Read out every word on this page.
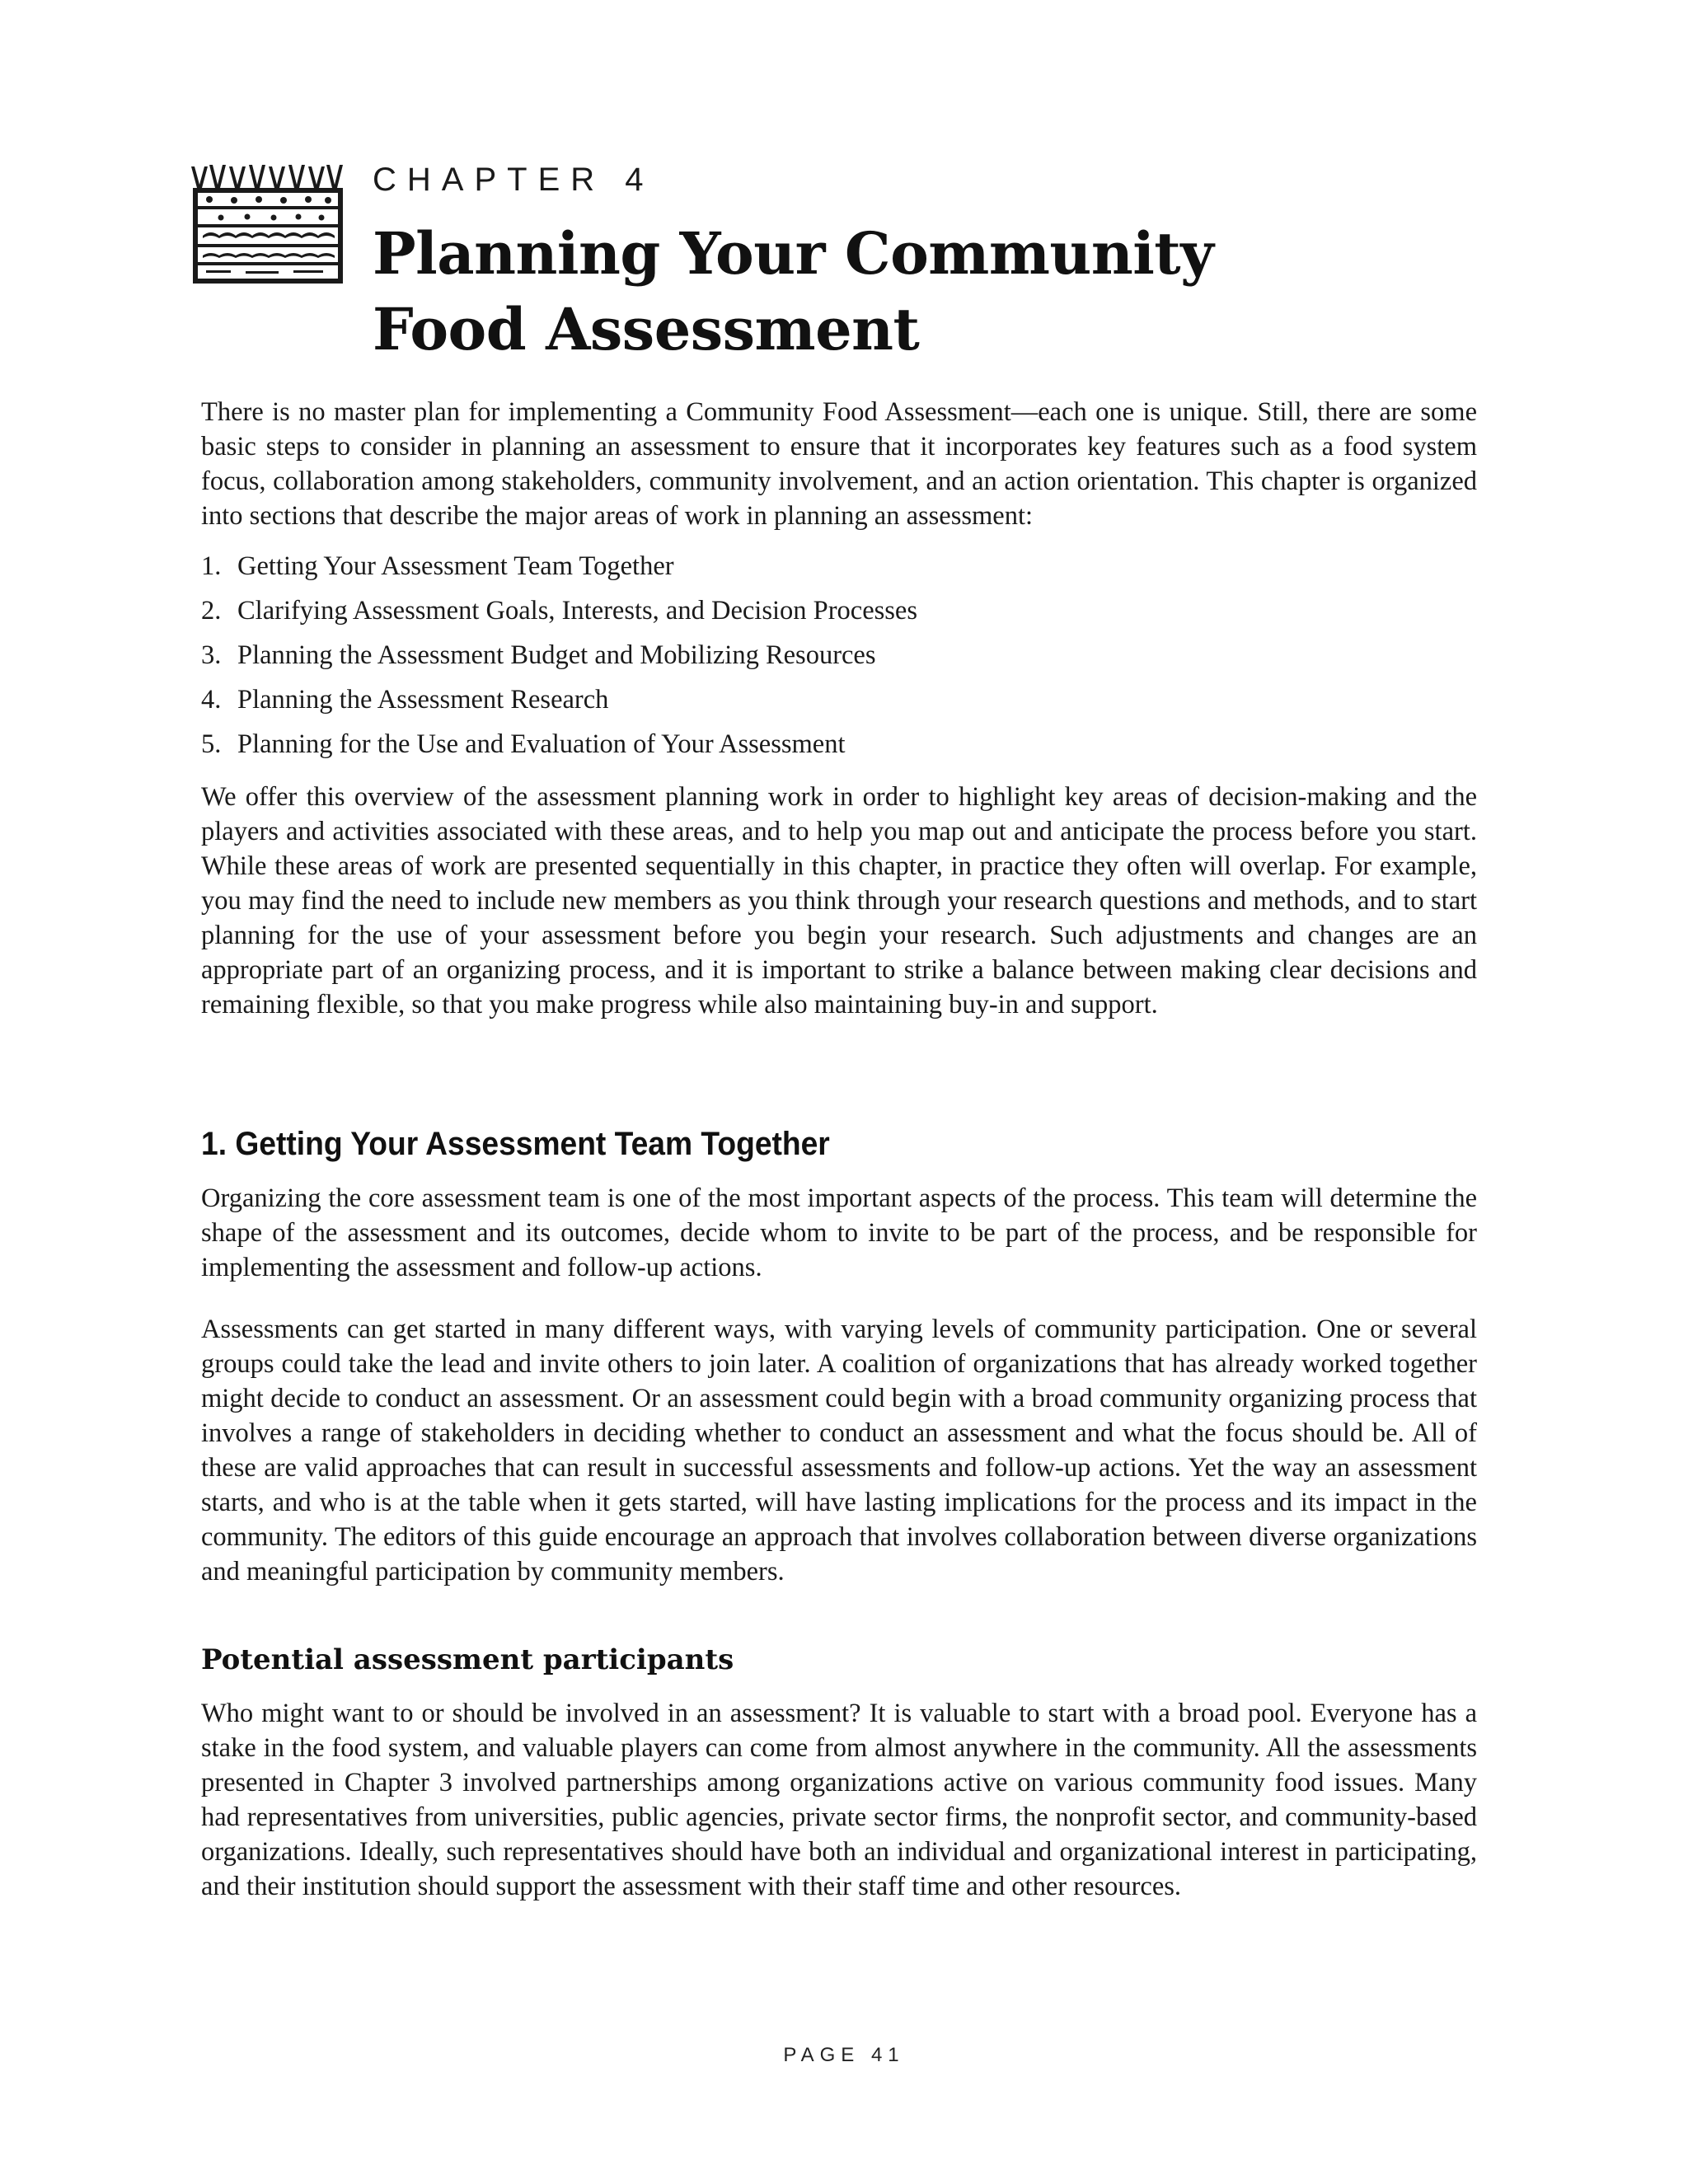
CHAPTER 4
Planning Your Community
Food Assessment

There is no master plan for implementing a Community Food Assessment—each one is unique. Still, there are some basic steps to consider in planning an assessment to ensure that it incorporates key features such as a food system focus, collaboration among stakeholders, community involvement, and an action orientation. This chapter is organized into sections that describe the major areas of work in planning an assessment:

1. Getting Your Assessment Team Together
2. Clarifying Assessment Goals, Interests, and Decision Processes
3. Planning the Assessment Budget and Mobilizing Resources
4. Planning the Assessment Research
5. Planning for the Use and Evaluation of Your Assessment

We offer this overview of the assessment planning work in order to highlight key areas of decision-making and the players and activities associated with these areas, and to help you map out and anticipate the process before you start. While these areas of work are presented sequentially in this chapter, in practice they often will overlap. For example, you may find the need to include new members as you think through your research questions and methods, and to start planning for the use of your assessment before you begin your research. Such adjustments and changes are an appropriate part of an organizing process, and it is important to strike a balance between making clear decisions and remaining flexible, so that you make progress while also maintaining buy-in and support.

1. Getting Your Assessment Team Together

Organizing the core assessment team is one of the most important aspects of the process. This team will determine the shape of the assessment and its outcomes, decide whom to invite to be part of the process, and be responsible for implementing the assessment and follow-up actions.

Assessments can get started in many different ways, with varying levels of community participation. One or several groups could take the lead and invite others to join later. A coalition of organizations that has already worked together might decide to conduct an assessment. Or an assessment could begin with a broad community organizing process that involves a range of stakeholders in deciding whether to conduct an assessment and what the focus should be. All of these are valid approaches that can result in successful assessments and follow-up actions. Yet the way an assessment starts, and who is at the table when it gets started, will have lasting implications for the process and its impact in the community. The editors of this guide encourage an approach that involves collaboration between diverse organizations and meaningful participation by community members.

Potential assessment participants

Who might want to or should be involved in an assessment? It is valuable to start with a broad pool. Everyone has a stake in the food system, and valuable players can come from almost anywhere in the community. All the assessments presented in Chapter 3 involved partnerships among organizations active on various community food issues. Many had representatives from universities, public agencies, private sector firms, the nonprofit sector, and community-based organizations. Ideally, such representatives should have both an individual and organizational interest in participating, and their institution should support the assessment with their staff time and other resources.

PAGE 41
